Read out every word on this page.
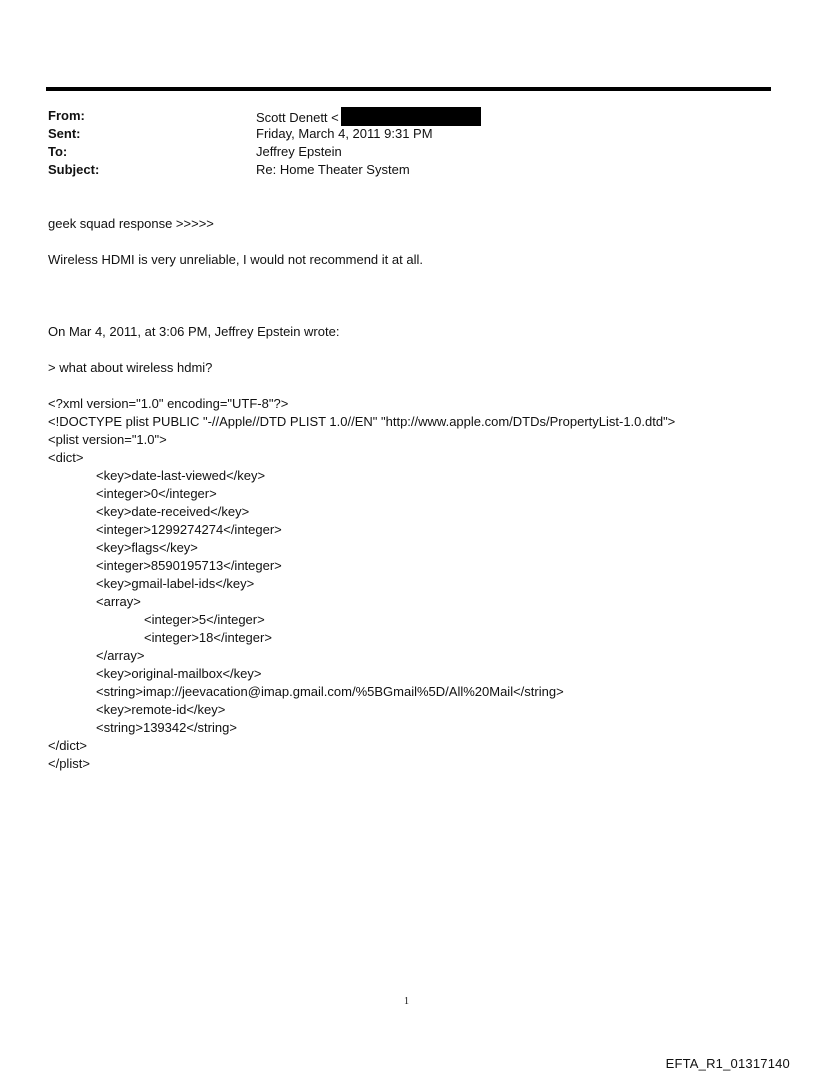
From:	Scott Denett <
Sent:	Friday, March 4, 2011 9:31 PM
To:	Jeffrey Epstein
Subject:	Re: Home Theater System
geek squad response >>>>>
Wireless HDMI is very unreliable, I would not recommend it at all.
On Mar 4, 2011, at 3:06 PM, Jeffrey Epstein wrote:
> what about wireless hdmi?
<?xml version="1.0" encoding="UTF-8"?>
<!DOCTYPE plist PUBLIC "-//Apple//DTD PLIST 1.0//EN" "http://www.apple.com/DTDs/PropertyList-1.0.dtd">
<plist version="1.0">
<dict>
<key>date-last-viewed</key>
<integer>0</integer>
<key>date-received</key>
<integer>1299274274</integer>
<key>flags</key>
<integer>8590195713</integer>
<key>gmail-label-ids</key>
<array>
<integer>5</integer>
<integer>18</integer>
</array>
<key>original-mailbox</key>
<string>imap://jeevacation@imap.gmail.com/%5BGmail%5D/All%20Mail</string>
<key>remote-id</key>
<string>139342</string>
</dict>
</plist>
1
EFTA_R1_01317140
